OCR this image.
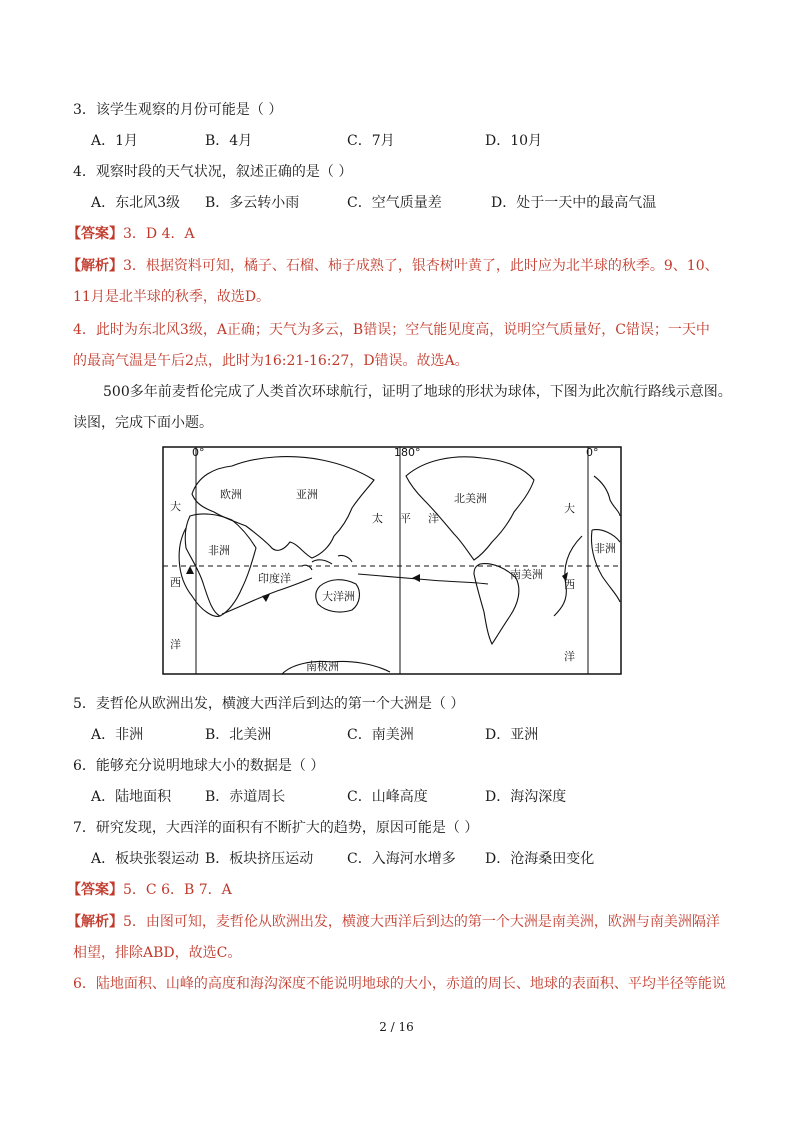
3．该学生观察的月份可能是（ ）
A．1月	B．4月	C．7月	D．10月
4．观察时段的天气状况，叙述正确的是（ ）
A．东北风3级 B．多云转小雨	C．空气质量差	D．处于一天中的最高气温
【答案】3．D 4．A
【解析】3．根据资料可知，橘子、石榴、柿子成熟了，银杏树叶黄了，此时应为北半球的秋季。9、10、
11月是北半球的秋季，故选D。
4．此时为东北风3级，A正确；天气为多云，B错误；空气能见度高，说明空气质量好，C错误；一天中
的最高气温是午后2点，此时为16:21-16:27，D错误。故选A。
500多年前麦哲伦完成了人类首次环球航行，证明了地球的形状为球体，下图为此次航行路线示意图。
读图，完成下面小题。
0°	180°	0°
欧洲	亚洲
非洲
印度洋
大洋洲
太 平 洋
北美洲
南美洲
南极洲
大
西
洋
大
西
洋
非洲
5．麦哲伦从欧洲出发，横渡大西洋后到达的第一个大洲是（ ）
A．非洲	B．北美洲	C．南美洲	D．亚洲
6．能够充分说明地球大小的数据是（ ）
A．陆地面积 B．赤道周长	C．山峰高度	D．海沟深度
7．研究发现，大西洋的面积有不断扩大的趋势，原因可能是（ ）
A．板块张裂运动 B．板块挤压运动 C．入海河水增多 D．沧海桑田变化
【答案】5．C 6．B 7．A
【解析】5．由图可知，麦哲伦从欧洲出发，横渡大西洋后到达的第一个大洲是南美洲，欧洲与南美洲隔洋
相望，排除ABD，故选C。
6．陆地面积、山峰的高度和海沟深度不能说明地球的大小，赤道的周长、地球的表面积、平均半径等能说
2 / 16
